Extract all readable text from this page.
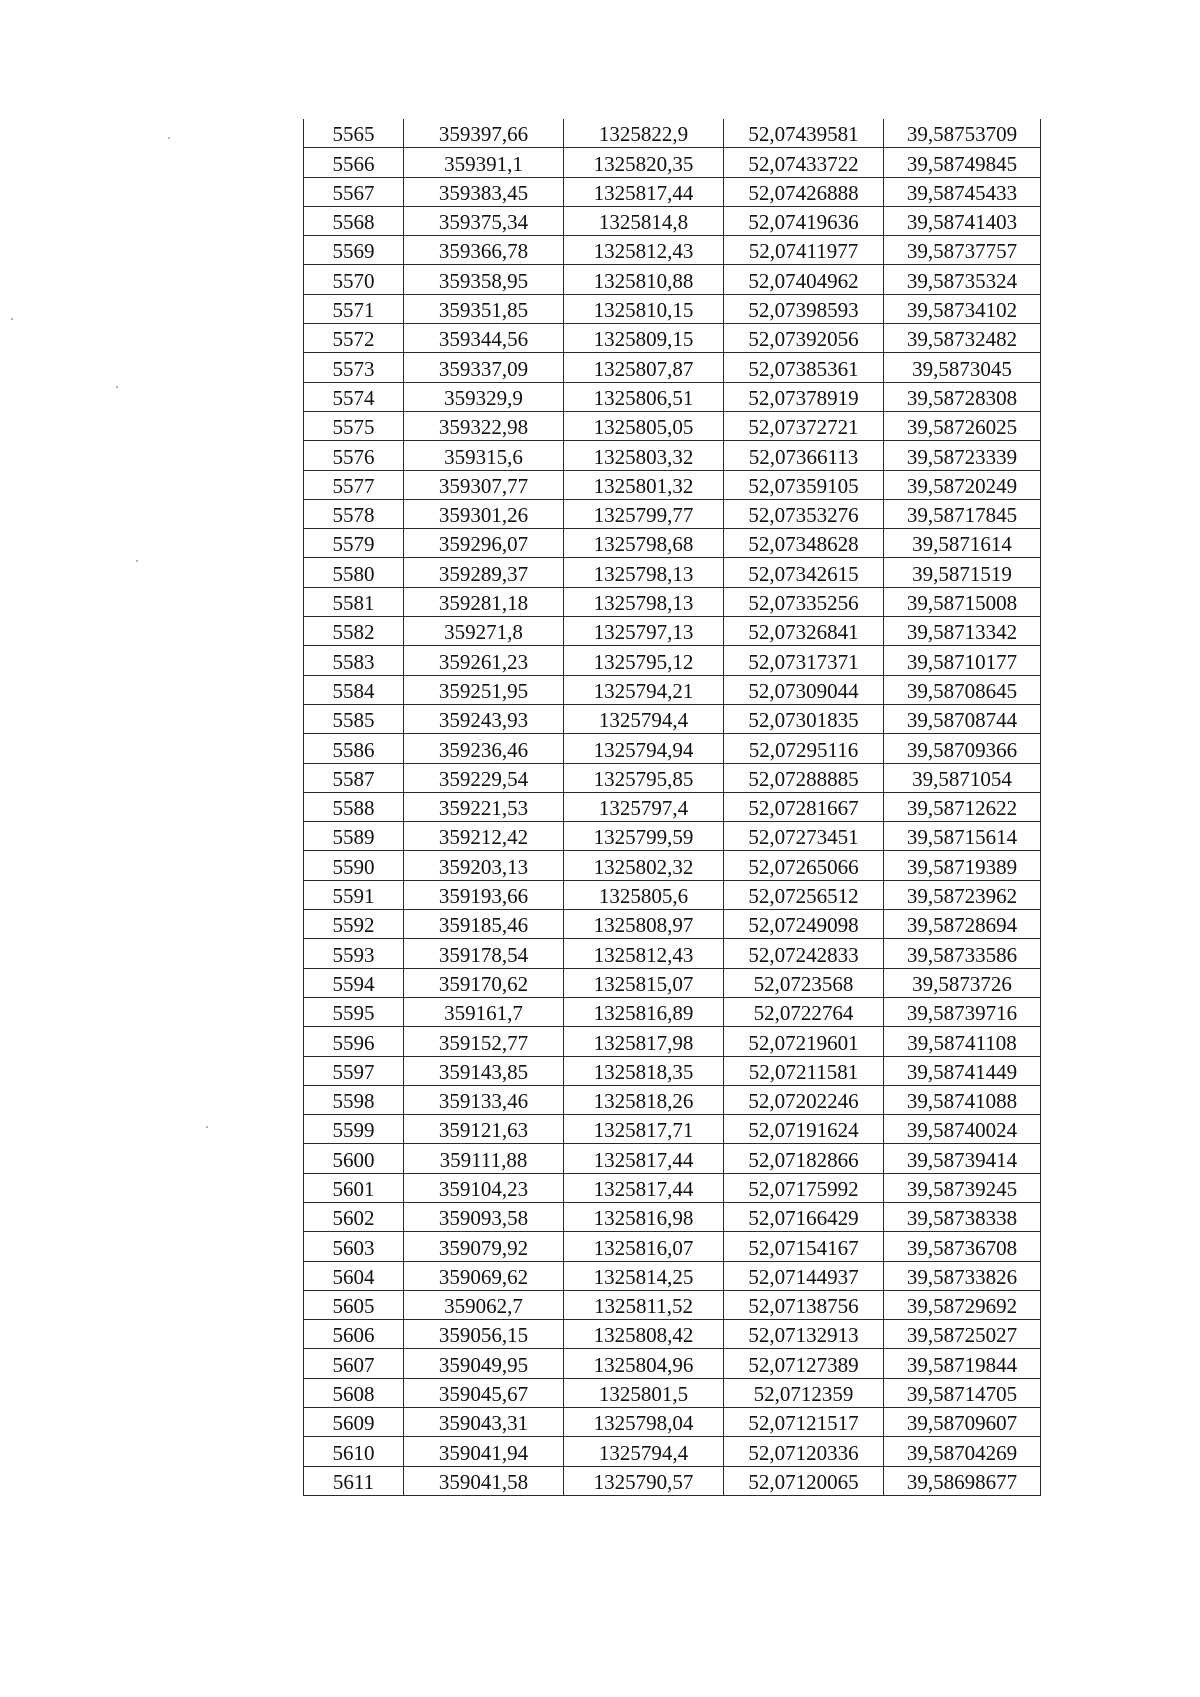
5565	359397,66	1325822,9	52,07439581	39,58753709
5566	359391,1	1325820,35	52,07433722	39,58749845
5567	359383,45	1325817,44	52,07426888	39,58745433
5568	359375,34	1325814,8	52,07419636	39,58741403
5569	359366,78	1325812,43	52,07411977	39,58737757
5570	359358,95	1325810,88	52,07404962	39,58735324
5571	359351,85	1325810,15	52,07398593	39,58734102
5572	359344,56	1325809,15	52,07392056	39,58732482
5573	359337,09	1325807,87	52,07385361	39,5873045
5574	359329,9	1325806,51	52,07378919	39,58728308
5575	359322,98	1325805,05	52,07372721	39,58726025
5576	359315,6	1325803,32	52,07366113	39,58723339
5577	359307,77	1325801,32	52,07359105	39,58720249
5578	359301,26	1325799,77	52,07353276	39,58717845
5579	359296,07	1325798,68	52,07348628	39,5871614
5580	359289,37	1325798,13	52,07342615	39,5871519
5581	359281,18	1325798,13	52,07335256	39,58715008
5582	359271,8	1325797,13	52,07326841	39,58713342
5583	359261,23	1325795,12	52,07317371	39,58710177
5584	359251,95	1325794,21	52,07309044	39,58708645
5585	359243,93	1325794,4	52,07301835	39,58708744
5586	359236,46	1325794,94	52,07295116	39,58709366
5587	359229,54	1325795,85	52,07288885	39,5871054
5588	359221,53	1325797,4	52,07281667	39,58712622
5589	359212,42	1325799,59	52,07273451	39,58715614
5590	359203,13	1325802,32	52,07265066	39,58719389
5591	359193,66	1325805,6	52,07256512	39,58723962
5592	359185,46	1325808,97	52,07249098	39,58728694
5593	359178,54	1325812,43	52,07242833	39,58733586
5594	359170,62	1325815,07	52,0723568	39,5873726
5595	359161,7	1325816,89	52,0722764	39,58739716
5596	359152,77	1325817,98	52,07219601	39,58741108
5597	359143,85	1325818,35	52,07211581	39,58741449
5598	359133,46	1325818,26	52,07202246	39,58741088
5599	359121,63	1325817,71	52,07191624	39,58740024
5600	359111,88	1325817,44	52,07182866	39,58739414
5601	359104,23	1325817,44	52,07175992	39,58739245
5602	359093,58	1325816,98	52,07166429	39,58738338
5603	359079,92	1325816,07	52,07154167	39,58736708
5604	359069,62	1325814,25	52,07144937	39,58733826
5605	359062,7	1325811,52	52,07138756	39,58729692
5606	359056,15	1325808,42	52,07132913	39,58725027
5607	359049,95	1325804,96	52,07127389	39,58719844
5608	359045,67	1325801,5	52,0712359	39,58714705
5609	359043,31	1325798,04	52,07121517	39,58709607
5610	359041,94	1325794,4	52,07120336	39,58704269
5611	359041,58	1325790,57	52,07120065	39,58698677
